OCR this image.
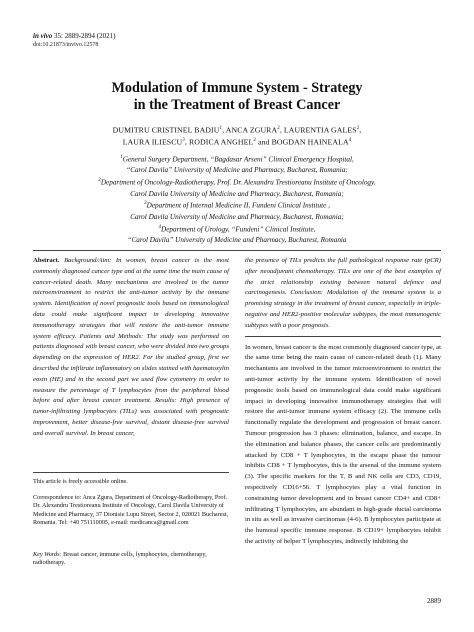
in vivo 35: 2889-2894 (2021)
doi:10.21873/invivo.12578
Modulation of Immune System - Strategy
in the Treatment of Breast Cancer
DUMITRU CRISTINEL BADIU$^1$, ANCA ZGURA$^2$, LAURENTIA GALES$^2$,
LAURA ILIESCU$^3$, RODICA ANGHEL$^2$ and BOGDAN HAINEALA$^4$
$^1$General Surgery Department, “Bagdasar Arseni” Clinical Emergency Hospital,
“Carol Davila” University of Medicine and Pharmacy, Bucharest, Romania;
$^2$Department of Oncology-Radiotherapy, Prof. Dr. Alexandru Trestioreanu Institute of Oncology,
Carol Davila University of Medicine and Pharmacy, Bucharest, Romania;
$^3$Department of Internal Medicine II, Fundeni Clinical Institute ,
Carol Davila University of Medicine and Pharmacy, Bucharest, Romania;
$^4$Department of Urology, “Fundeni” Clinical Institute,
“Carol Davila” University of Medicine and Pharmacy, Bucharest, Romania

Abstract. Background/Aim: In women, breast cancer is the most commonly diagnosed cancer type and at the same time the main cause of cancer-related death. Many mechanisms are involved in the tumor microenvironment to restrict the anti-tumor activity by the immune system. Identification of novel prognostic tools based on immunological data could make significant impact in developing innovative immunotherapy strategies that will restore the anti-tumor immune system efficacy. Patients and Methods: The study was performed on patients diagnosed with breast cancer, who were divided into two groups depending on the expression of HER2. For the studied group, first we described the infiltrate inflammatory on slides stained with haematoxylin eosin (HE) and in the second part we used flow cytometry in order to measure the percentage of T lymphocytes from the peripheral blood before and after breast cancer treatment. Results: High presence of tumor-infiltrating lymphocytes (TILs) was associated with prognostic improvement, better disease-free survival, distant disease-free survival and overall survival. In breast cancer,

This article is freely accessible online.
Correspondence to: Anca Zgura, Department of Oncology-Radiotherapy, Prof. Dr. Alexandru Trestioreanu Institute of Oncology, Carol Davila University of Medicine and Pharmacy, 37 Dionisie Lupu Street, Sector 2, 020021 Bucharest, Romania. Tel: +40 751110005, e-mail: medicanca@gmail.com
Key Words: Breast cancer, immune cells, lymphocytes, chemotherapy, radiotherapy.

the presence of TILs predicts the full pathological response rate (pCR) after neoadjuvant chemotherapy. TILs are one of the best examples of the strict relationship existing between natural defence and carcinogenesis. Conclusion: Modulation of the immune system is a promising strategy in the treatment of breast cancer, especially in triple-negative and HER2-positive molecular subtypes, the most immunogenic subtypes with a poor prognosis.

In women, breast cancer is the most commonly diagnosed cancer type, at the same time being the main cause of cancer-related death (1). Many mechanisms are involved in the tumor microenvironment to restrict the anti-tumor activity by the immune system. Identification of novel prognostic tools based on immunological data could make significant impact in developing innovative immunotherapy strategies that will restore the anti-tumor immune system efficacy (2). The immune cells functionally regulate the development and progression of breast cancer. Tumour progression has 3 phases: elimination, balance, and escape. In the elimination and balance phases, the cancer cells are predominantly attacked by CD8 + T lymphocytes, in the escape phase the tumour inhibits CD8 + T lymphocytes, this is the arsenal of the immune system (3). The specific markers for the T, B and NK cells are CD3, CD19, respectively CD16+56. T lymphocytes play a vital function in constraining tumor development and in breast cancer CD4+ and CD8+ infiltrating T lymphocytes, are abundant in high-grade ductal carcinoma in situ as well as invasive carcinomas (4-6). B lymphocytes participate at the humoral specific immune response. B CD19+ lymphocytes inhibit the activity of helper T lymphocytes, indirectly inhibiting the

2889
